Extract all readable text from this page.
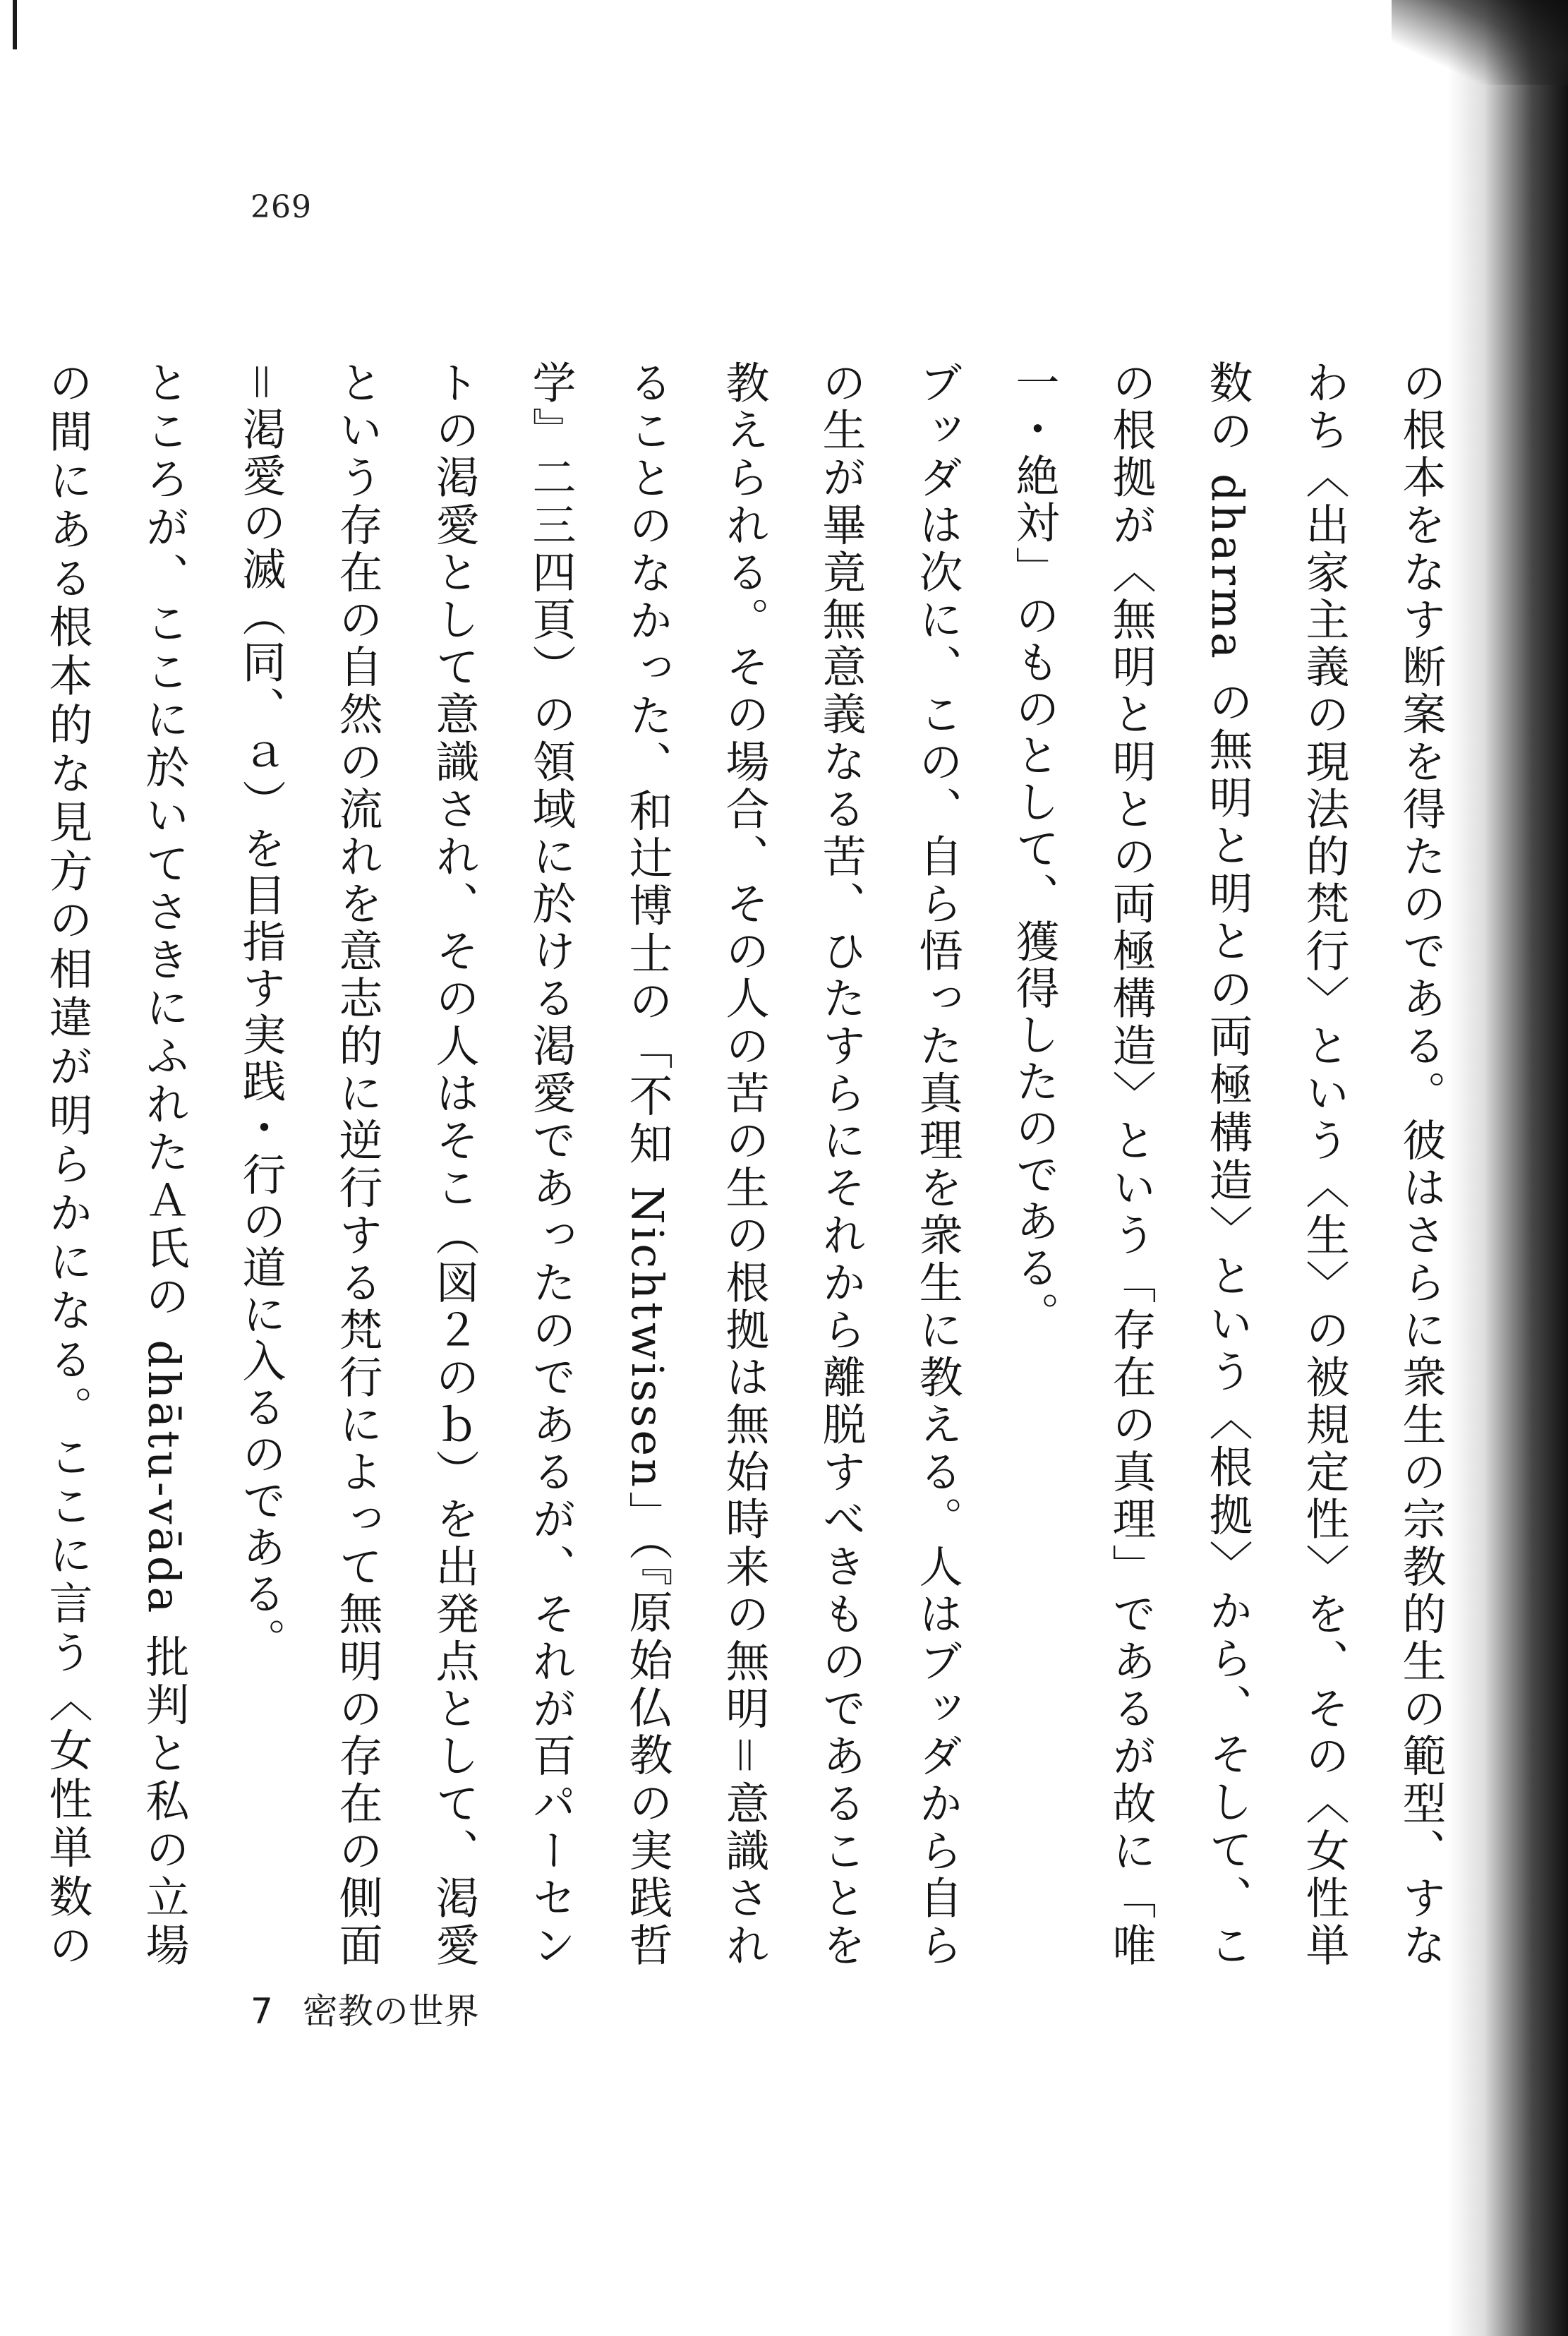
269

の根本をなす断案を得たのである。彼はさらに衆生の宗教的生の範型、すなわち〈出家主義の現法的梵行〉という〈生〉の被規定性〉を、その〈女性単数の dharma の無明と明との両極構造〉という〈根拠〉から、そして、この根拠が〈無明と明との両極構造〉という「存在の真理」であるが故に「唯一・絶対」のものとして、獲得したのである。

ブッダは次に、この、自ら悟った真理を衆生に教える。人はブッダから自らの生が畢竟無意義なる苦、ひたすらにそれから離脱すべきものであることを教えられる。その場合、その人の苦の生の根拠は無始時来の無明＝意識されることのなかった、和辻博士の「不知 Nichtwissen」（『原始仏教の実践哲学』二三四頁）の領域に於ける渇愛であったのであるが、それが百パーセントの渇愛として意識され、その人はそこ（図２のｂ）を出発点として、渇愛という存在の自然の流れを意志的に逆行する梵行によって無明の存在の側面＝渇愛の滅（同、ａ）を目指す実践・行の道に入るのである。

ところが、ここに於いてさきにふれたＡ氏の dhātu-vāda 批判と私の立場の間にある根本的な見方の相違が明らかになる。ここに言う〈女性単数の

7 密教の世界
